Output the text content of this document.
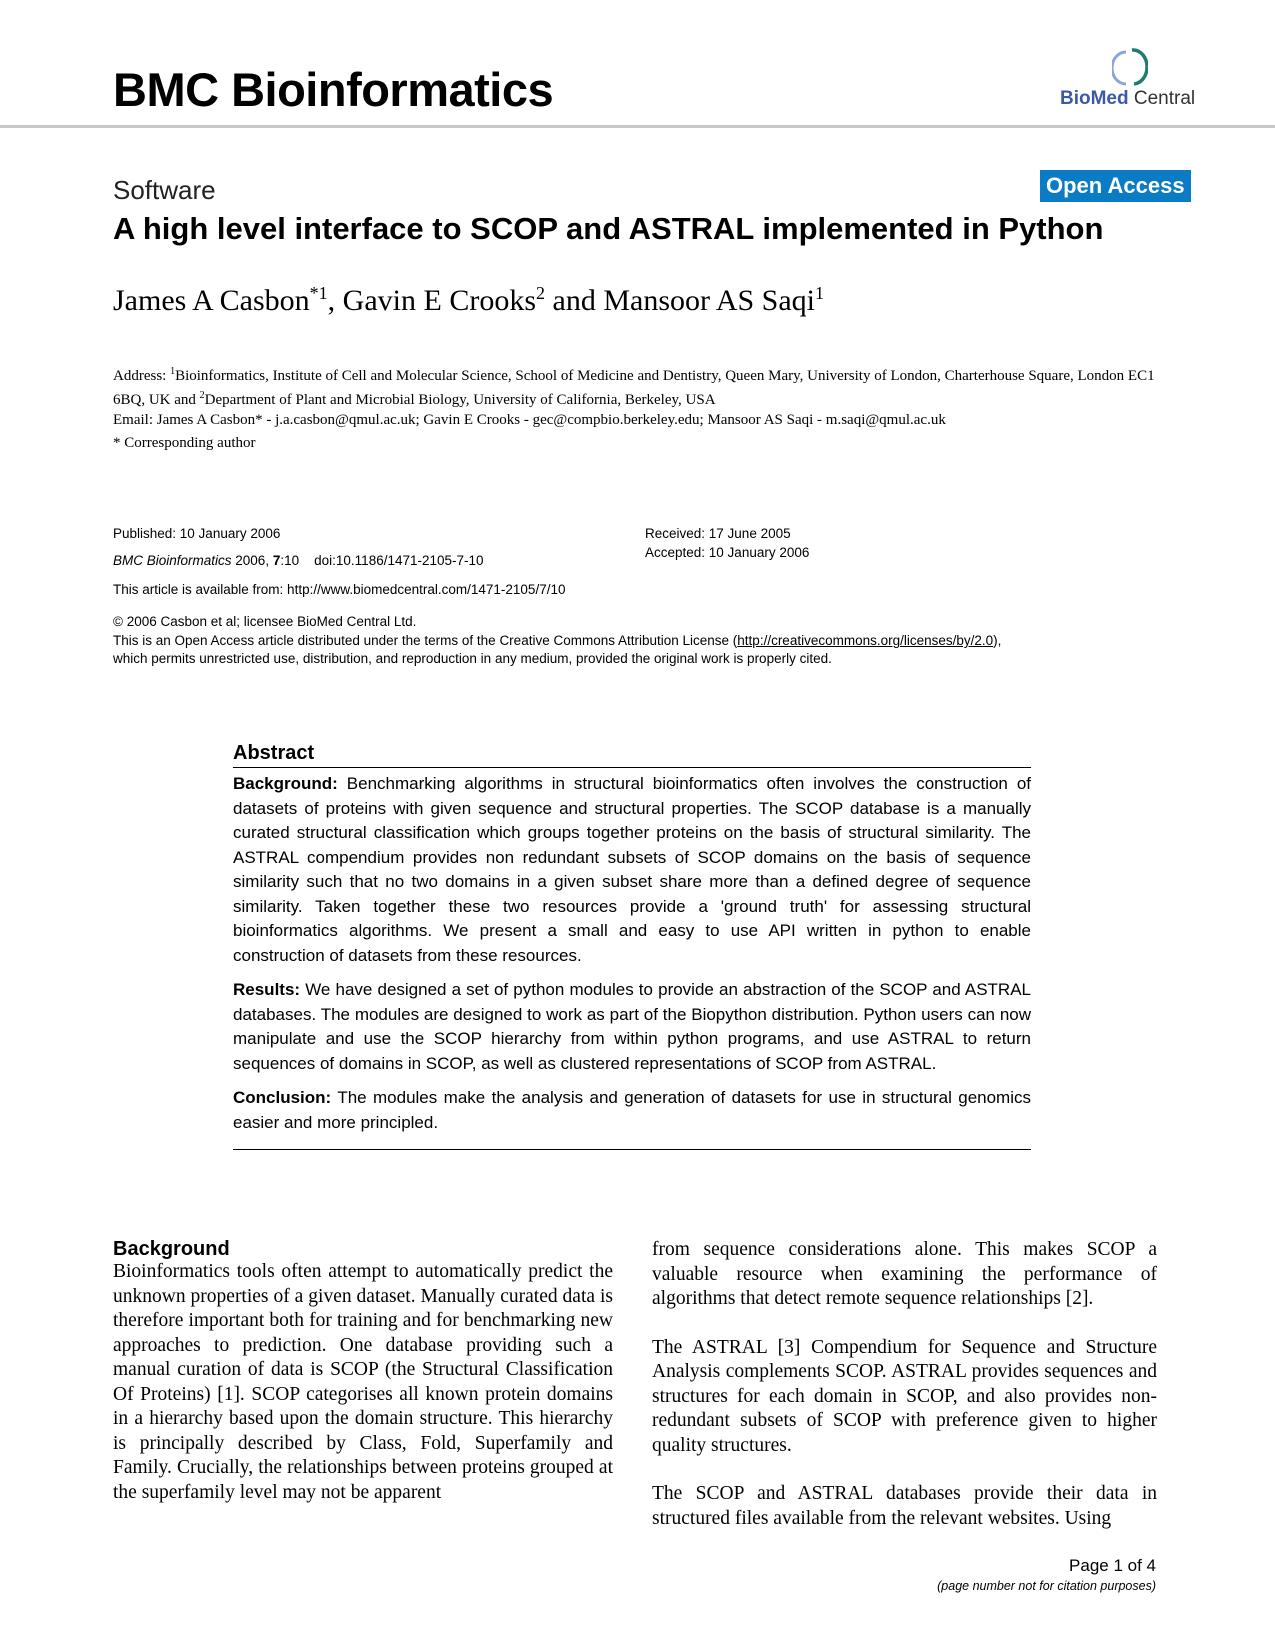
BMC Bioinformatics	BioMed Central
Software	Open Access
A high level interface to SCOP and ASTRAL implemented in Python
James A Casbon$^{*1}$, Gavin E Crooks$^2$ and Mansoor AS Saqi$^1$
Address: $^1$Bioinformatics, Institute of Cell and Molecular Science, School of Medicine and Dentistry, Queen Mary, University of London, Charterhouse Square, London EC1 6BQ, UK and $^2$Department of Plant and Microbial Biology, University of California, Berkeley, USA
Email: James A Casbon* - j.a.casbon@qmul.ac.uk; Gavin E Crooks - gec@compbio.berkeley.edu; Mansoor AS Saqi - m.saqi@qmul.ac.uk
* Corresponding author
Published: 10 January 2006
BMC Bioinformatics 2006, 7:10 doi:10.1186/1471-2105-7-10
This article is available from: http://www.biomedcentral.com/1471-2105/7/10
Received: 17 June 2005
Accepted: 10 January 2006
© 2006 Casbon et al; licensee BioMed Central Ltd.
This is an Open Access article distributed under the terms of the Creative Commons Attribution License (http://creativecommons.org/licenses/by/2.0),
which permits unrestricted use, distribution, and reproduction in any medium, provided the original work is properly cited.
Abstract

Background: Benchmarking algorithms in structural bioinformatics often involves the construction of datasets of proteins with given sequence and structural properties. The SCOP database is a manually curated structural classification which groups together proteins on the basis of structural similarity. The ASTRAL compendium provides non redundant subsets of SCOP domains on the basis of sequence similarity such that no two domains in a given subset share more than a defined degree of sequence similarity. Taken together these two resources provide a 'ground truth' for assessing structural bioinformatics algorithms. We present a small and easy to use API written in python to enable construction of datasets from these resources.

Results: We have designed a set of python modules to provide an abstraction of the SCOP and ASTRAL databases. The modules are designed to work as part of the Biopython distribution. Python users can now manipulate and use the SCOP hierarchy from within python programs, and use ASTRAL to return sequences of domains in SCOP, as well as clustered representations of SCOP from ASTRAL.

Conclusion: The modules make the analysis and generation of datasets for use in structural genomics easier and more principled.

Background

Bioinformatics tools often attempt to automatically predict the unknown properties of a given dataset. Manually curated data is therefore important both for training and for benchmarking new approaches to prediction. One database providing such a manual curation of data is SCOP (the Structural Classification Of Proteins) [1]. SCOP categorises all known protein domains in a hierarchy based upon the domain structure. This hierarchy is principally described by Class, Fold, Superfamily and Family. Crucially, the relationships between proteins grouped at the superfamily level may not be apparent

from sequence considerations alone. This makes SCOP a valuable resource when examining the performance of algorithms that detect remote sequence relationships [2].

The ASTRAL [3] Compendium for Sequence and Structure Analysis complements SCOP. ASTRAL provides sequences and structures for each domain in SCOP, and also provides non-redundant subsets of SCOP with preference given to higher quality structures.

The SCOP and ASTRAL databases provide their data in structured files available from the relevant websites. Using

Page 1 of 4
(page number not for citation purposes)
